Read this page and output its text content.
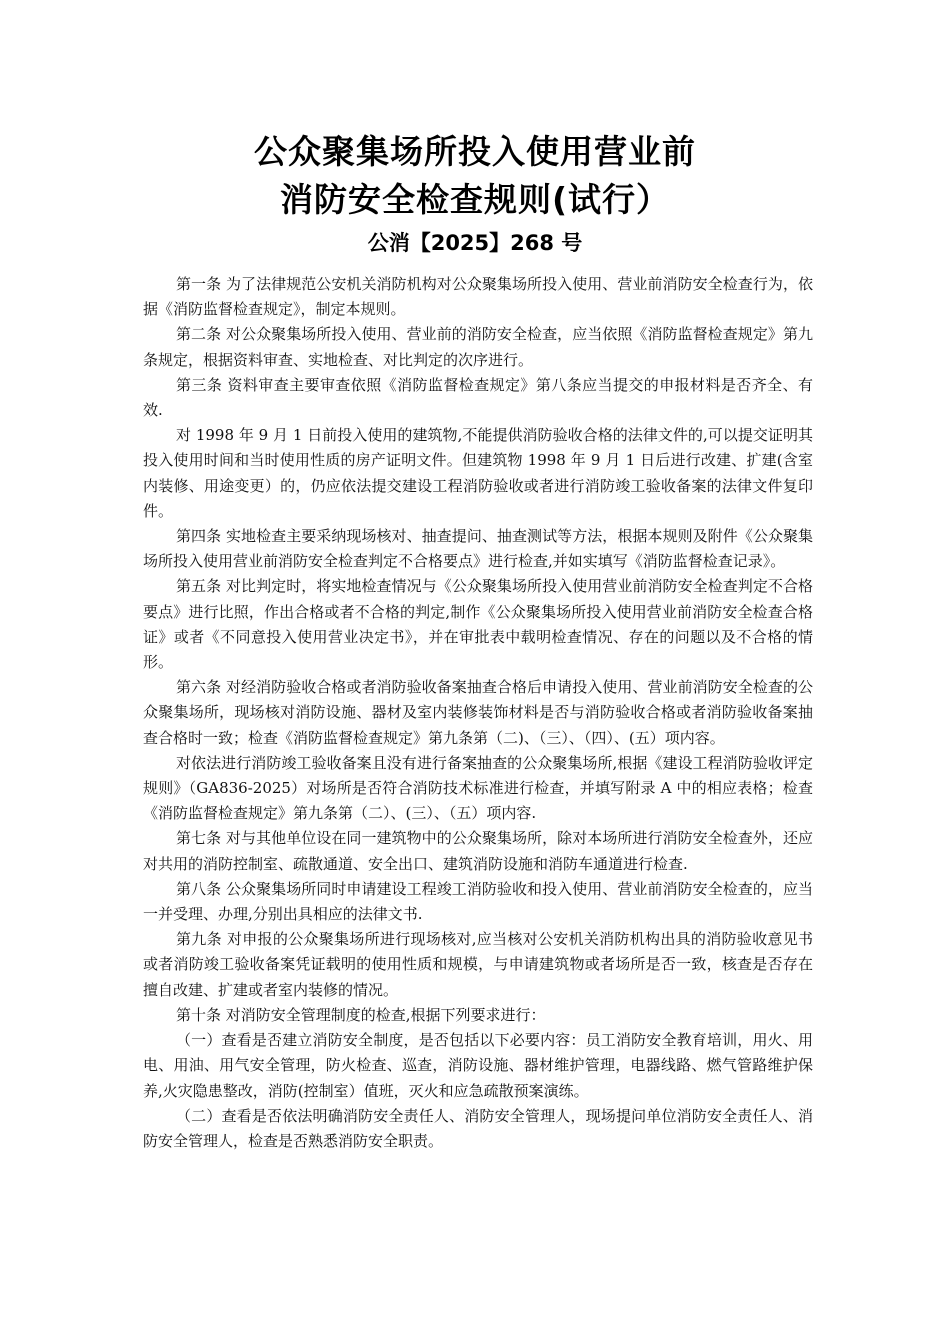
公众聚集场所投入使用营业前
消防安全检查规则(试行）
公消【2025】268 号

第一条 为了法律规范公安机关消防机构对公众聚集场所投入使用、营业前消防安全检查行为，依据《消防监督检查规定》，制定本规则。

第二条 对公众聚集场所投入使用、营业前的消防安全检查，应当依照《消防监督检查规定》第九条规定，根据资料审查、实地检查、对比判定的次序进行。

第三条 资料审查主要审查依照《消防监督检查规定》第八条应当提交的申报材料是否齐全、有效.

对 1998 年 9 月 1 日前投入使用的建筑物,不能提供消防验收合格的法律文件的,可以提交证明其投入使用时间和当时使用性质的房产证明文件。但建筑物 1998 年 9 月 1 日后进行改建、扩建(含室内装修、用途变更）的，仍应依法提交建设工程消防验收或者进行消防竣工验收备案的法律文件复印件。

第四条 实地检查主要采纳现场核对、抽查提问、抽查测试等方法，根据本规则及附件《公众聚集场所投入使用营业前消防安全检查判定不合格要点》进行检查,并如实填写《消防监督检查记录》。

第五条 对比判定时，将实地检查情况与《公众聚集场所投入使用营业前消防安全检查判定不合格要点》进行比照，作出合格或者不合格的判定,制作《公众聚集场所投入使用营业前消防安全检查合格证》或者《不同意投入使用营业决定书》，并在审批表中载明检查情况、存在的问题以及不合格的情形。

第六条 对经消防验收合格或者消防验收备案抽查合格后申请投入使用、营业前消防安全检查的公众聚集场所，现场核对消防设施、器材及室内装修装饰材料是否与消防验收合格或者消防验收备案抽查合格时一致；检查《消防监督检查规定》第九条第（二)、（三）、（四）、(五）项内容。

对依法进行消防竣工验收备案且没有进行备案抽查的公众聚集场所,根据《建设工程消防验收评定规则》（GA836-2025）对场所是否符合消防技术标准进行检查，并填写附录 A 中的相应表格；检查《消防监督检查规定》第九条第（二）、(三）、（五）项内容.

第七条 对与其他单位设在同一建筑物中的公众聚集场所，除对本场所进行消防安全检查外，还应对共用的消防控制室、疏散通道、安全出口、建筑消防设施和消防车通道进行检查.

第八条 公众聚集场所同时申请建设工程竣工消防验收和投入使用、营业前消防安全检查的，应当一并受理、办理,分别出具相应的法律文书.

第九条 对申报的公众聚集场所进行现场核对,应当核对公安机关消防机构出具的消防验收意见书或者消防竣工验收备案凭证载明的使用性质和规模，与申请建筑物或者场所是否一致，核查是否存在擅自改建、扩建或者室内装修的情况。

第十条 对消防安全管理制度的检查,根据下列要求进行：

（一）查看是否建立消防安全制度，是否包括以下必要内容：员工消防安全教育培训，用火、用电、用油、用气安全管理，防火检查、巡查，消防设施、器材维护管理，电器线路、燃气管路维护保养,火灾隐患整改，消防(控制室）值班，灭火和应急疏散预案演练。

（二）查看是否依法明确消防安全责任人、消防安全管理人，现场提问单位消防安全责任人、消防安全管理人，检查是否熟悉消防安全职责。
